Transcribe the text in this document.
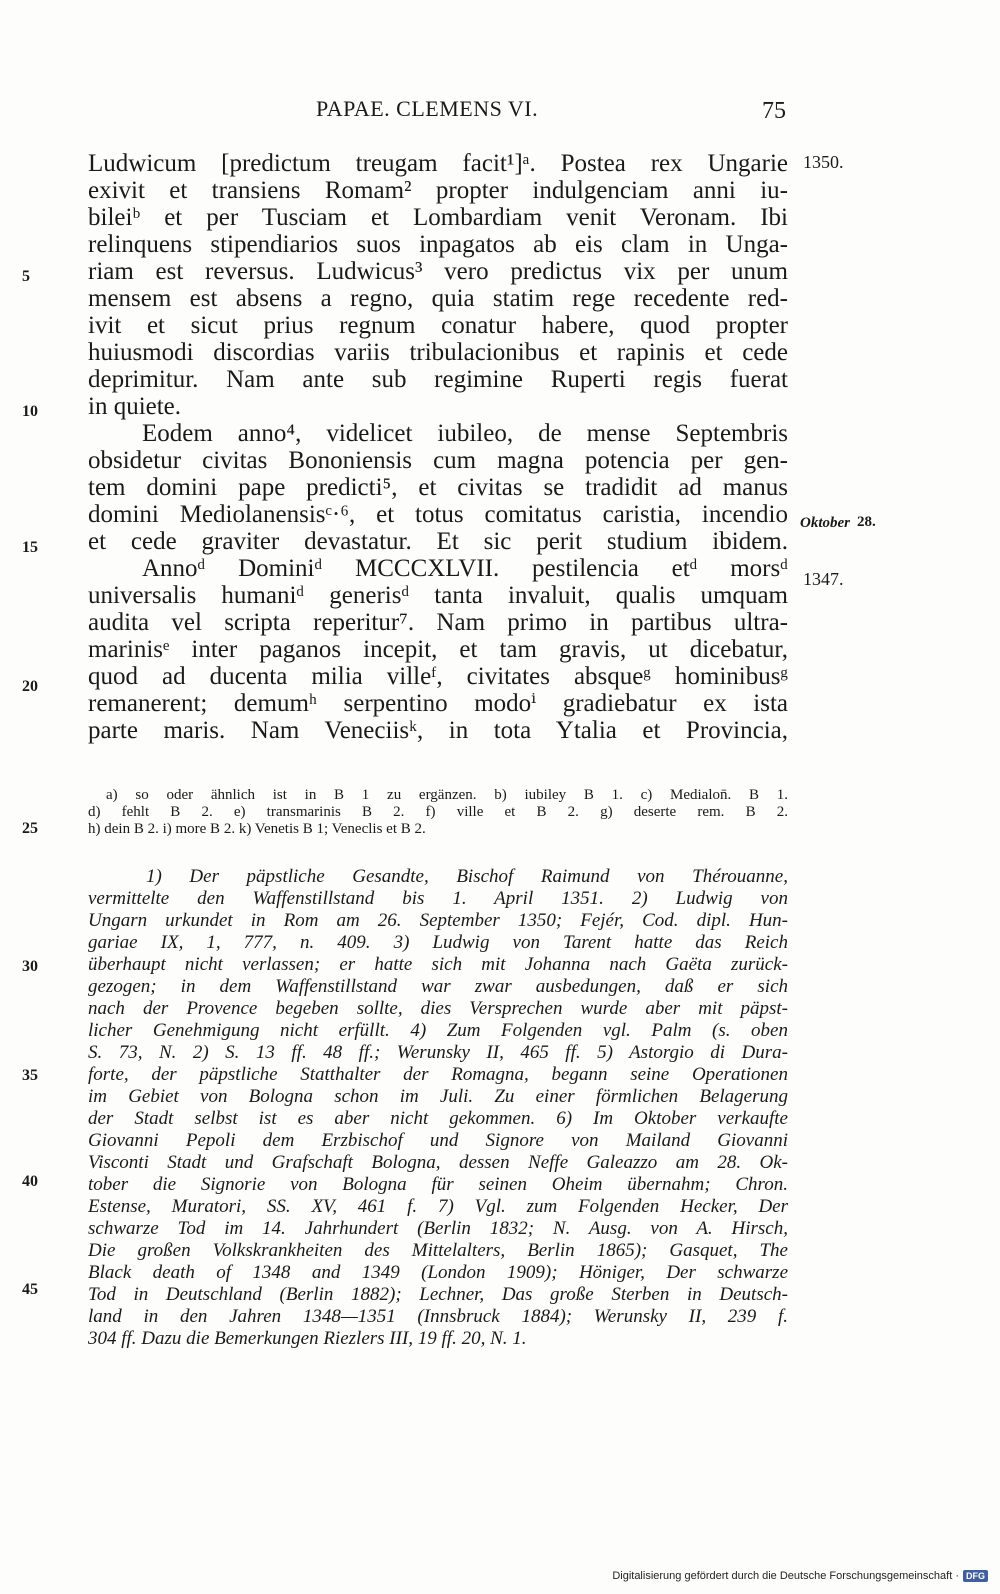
PAPAE. CLEMENS VI.	75
1350.
Oktober 28.
1347.
5
10
15
20
25
30
35
40
45
Ludwicum [predictum treugam facit¹]ᵃ. Postea rex Ungarie
exivit et transiens Romam² propter indulgenciam anni iu-
bileiᵇ et per Tusciam et Lombardiam venit Veronam. Ibi
relinquens stipendiarios suos inpagatos ab eis clam in Unga-
riam est reversus. Ludwicus³ vero predictus vix per unum
mensem est absens a regno, quia statim rege recedente red-
ivit et sicut prius regnum conatur habere, quod propter
huiusmodi discordias variis tribulacionibus et rapinis et cede
deprimitur. Nam ante sub regimine Ruperti regis fuerat
in quiete.
Eodem anno⁴, videlicet iubileo, de mense Septembris
obsidetur civitas Bononiensis cum magna potencia per gen-
tem domini pape predicti⁵, et civitas se tradidit ad manus
domini Mediolanensisᶜ·⁶, et totus comitatus caristia, incendio
et cede graviter devastatur. Et sic perit studium ibidem.
Annoᵈ Dominiᵈ MCCCXLVII. pestilencia etᵈ morsᵈ
universalis humaniᵈ generisᵈ tanta invaluit, qualis umquam
audita vel scripta reperitur⁷. Nam primo in partibus ultra-
marinisᵉ inter paganos incepit, et tam gravis, ut dicebatur,
quod ad ducenta milia villeᶠ, civitates absqueᵍ hominibusᵍ
remanerent; demumʰ serpentino modoⁱ gradiebatur ex ista
parte maris. Nam Veneciisᵏ, in tota Ytalia et Provincia,
a) so oder ähnlich ist in B 1 zu ergänzen. b) iubiley B 1. c) Medialon̄. B 1.
d) fehlt B 2. e) transmarinis B 2. f) ville et B 2. g) deserte rem. B 2.
h) dein B 2. i) more B 2. k) Venetis B 1; Veneclis et B 2.
1) Der päpstliche Gesandte, Bischof Raimund von Thérouanne,
vermittelte den Waffenstillstand bis 1. April 1351. 2) Ludwig von
Ungarn urkundet in Rom am 26. September 1350; Fejér, Cod. dipl. Hun-
gariae IX, 1, 777, n. 409. 3) Ludwig von Tarent hatte das Reich
überhaupt nicht verlassen; er hatte sich mit Johanna nach Gaëta zurück-
gezogen; in dem Waffenstillstand war zwar ausbedungen, daß er sich
nach der Provence begeben sollte, dies Versprechen wurde aber mit päpst-
licher Genehmigung nicht erfüllt. 4) Zum Folgenden vgl. Palm (s. oben
S. 73, N. 2) S. 13 ff. 48 ff.; Werunsky II, 465 ff. 5) Astorgio di Dura-
forte, der päpstliche Statthalter der Romagna, begann seine Operationen
im Gebiet von Bologna schon im Juli. Zu einer förmlichen Belagerung
der Stadt selbst ist es aber nicht gekommen. 6) Im Oktober verkaufte
Giovanni Pepoli dem Erzbischof und Signore von Mailand Giovanni
Visconti Stadt und Grafschaft Bologna, dessen Neffe Galeazzo am 28. Ok-
tober die Signorie von Bologna für seinen Oheim übernahm; Chron.
Estense, Muratori, SS. XV, 461 f. 7) Vgl. zum Folgenden Hecker, Der
schwarze Tod im 14. Jahrhundert (Berlin 1832; N. Ausg. von A. Hirsch,
Die großen Volkskrankheiten des Mittelalters, Berlin 1865); Gasquet, The
Black death of 1348 and 1349 (London 1909); Höniger, Der schwarze
Tod in Deutschland (Berlin 1882); Lechner, Das große Sterben in Deutsch-
land in den Jahren 1348—1351 (Innsbruck 1884); Werunsky II, 239 f.
304 ff. Dazu die Bemerkungen Riezlers III, 19 ff. 20, N. 1.
Digitalisierung gefördert durch die Deutsche Forschungsgemeinschaft · DFG
